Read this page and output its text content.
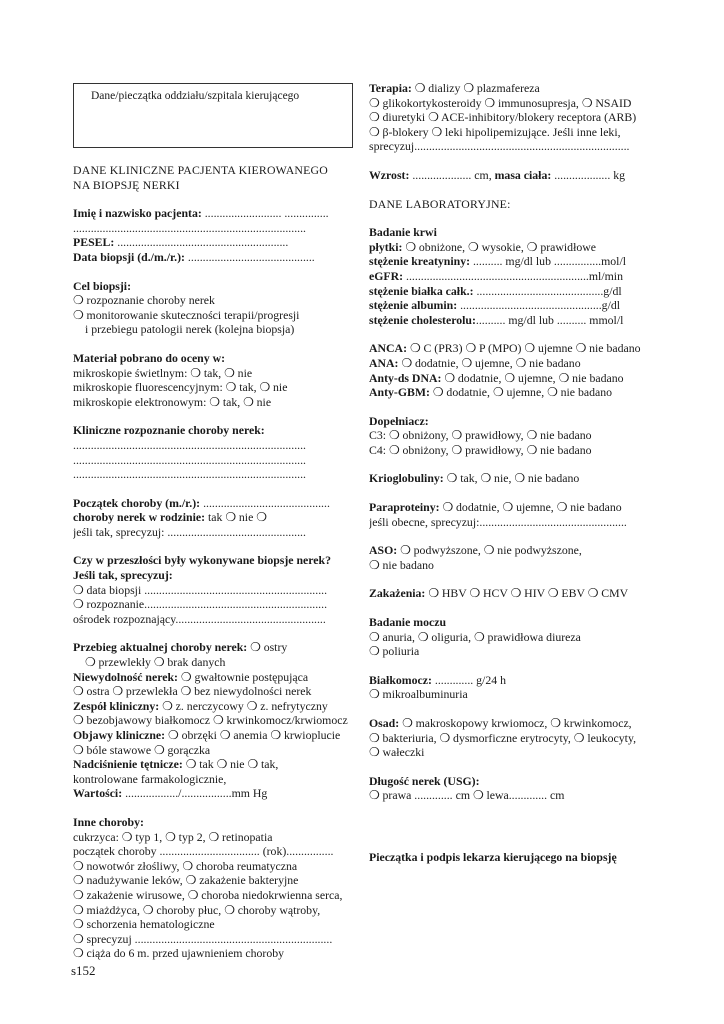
Dane/pieczątka oddziału/szpitala kierującego
DANE KLINICZNE PACJENTA KIEROWANEGO
NA BIOPSJĘ NERKI
Imię i nazwisko pacjenta: .......................... ...............
...............................................................................
PESEL: ..........................................................
Data biopsji (d./m./r.): ...........................................
Cel biopsji:
❍ rozpoznanie choroby nerek
❍ monitorowanie skuteczności terapii/progresji
i przebiegu patologii nerek (kolejna biopsja)
Materiał pobrano do oceny w:
mikroskopie świetlnym: ❍ tak, ❍ nie
mikroskopie fluorescencyjnym: ❍ tak, ❍ nie
mikroskopie elektronowym: ❍ tak, ❍ nie
Kliniczne rozpoznanie choroby nerek:
...............................................................................
...............................................................................
...............................................................................
Początek choroby (m./r.): ...........................................
choroby nerek w rodzinie: tak ❍ nie ❍
jeśli tak, sprecyzuj: ...............................................
Czy w przeszłości były wykonywane biopsje nerek?
Jeśli tak, sprecyzuj:
❍ data biopsji ..............................................................
❍ rozpoznanie..............................................................
ośrodek rozpoznający...................................................
Przebieg aktualnej choroby nerek: ❍ ostry
❍ przewlekły ❍ brak danych
Niewydolność nerek: ❍ gwałtownie postępująca
❍ ostra ❍ przewlekła ❍ bez niewydolności nerek
Zespół kliniczny: ❍ z. nerczycowy ❍ z. nefrytyczny
❍ bezobjawowy białkomocz ❍ krwinkomocz/krwiomocz
Objawy kliniczne: ❍ obrzęki ❍ anemia ❍ krwioplucie
❍ bóle stawowe ❍ gorączka
Nadciśnienie tętnicze: ❍ tak ❍ nie ❍ tak,
kontrolowane farmakologicznie,
Wartości: ................../.................mm Hg
Inne choroby:
cukrzyca: ❍ typ 1, ❍ typ 2, ❍ retinopatia
początek choroby .................................. (rok)................
❍ nowotwór złośliwy, ❍ choroba reumatyczna
❍ nadużywanie leków, ❍ zakażenie bakteryjne
❍ zakażenie wirusowe, ❍ choroba niedokrwienna serca,
❍ miażdżyca, ❍ choroby płuc, ❍ choroby wątroby,
❍ schorzenia hematologiczne
❍ sprecyzuj ...................................................................
❍ ciąża do 6 m. przed ujawnieniem choroby
Terapia: ❍ dializy ❍ plazmafereza
❍ glikokortykosteroidy ❍ immunosupresja, ❍ NSAID
❍ diuretyki ❍ ACE-inhibitory/blokery receptora (ARB)
❍ β-blokery ❍ leki hipolipemizujące. Jeśli inne leki,
sprecyzuj.........................................................................
Wzrost: .................... cm, masa ciała: ................... kg
DANE LABORATORYJNE:
Badanie krwi
płytki: ❍ obniżone, ❍ wysokie, ❍ prawidłowe
stężenie kreatyniny: .......... mg/dl lub ................mol/l
eGFR: ..............................................................ml/min
stężenie białka całk.: ...........................................g/dl
stężenie albumin: ................................................g/dl
stężenie cholesterolu:.......... mg/dl lub .......... mmol/l
ANCA: ❍ C (PR3) ❍ P (MPO) ❍ ujemne ❍ nie badano
ANA: ❍ dodatnie, ❍ ujemne, ❍ nie badano
Anty-ds DNA: ❍ dodatnie, ❍ ujemne, ❍ nie badano
Anty-GBM: ❍ dodatnie, ❍ ujemne, ❍ nie badano
Dopełniacz:
C3: ❍ obniżony, ❍ prawidłowy, ❍ nie badano
C4: ❍ obniżony, ❍ prawidłowy, ❍ nie badano
Krioglobuliny: ❍ tak, ❍ nie, ❍ nie badano
Paraproteiny: ❍ dodatnie, ❍ ujemne, ❍ nie badano
jeśli obecne, sprecyzuj:..................................................
ASO: ❍ podwyższone, ❍ nie podwyższone,
❍ nie badano
Zakażenia: ❍ HBV ❍ HCV ❍ HIV ❍ EBV ❍ CMV
Badanie moczu
❍ anuria, ❍ oliguria, ❍ prawidłowa diureza
❍ poliuria
Białkomocz: ............. g/24 h
❍ mikroalbuminuria
Osad: ❍ makroskopowy krwiomocz, ❍ krwinkomocz,
❍ bakteriuria, ❍ dysmorficzne erytrocyty, ❍ leukocyty,
❍ wałeczki
Długość nerek (USG):
❍ prawa ............. cm ❍ lewa............. cm
Pieczątka i podpis lekarza kierującego na biopsję
s152
